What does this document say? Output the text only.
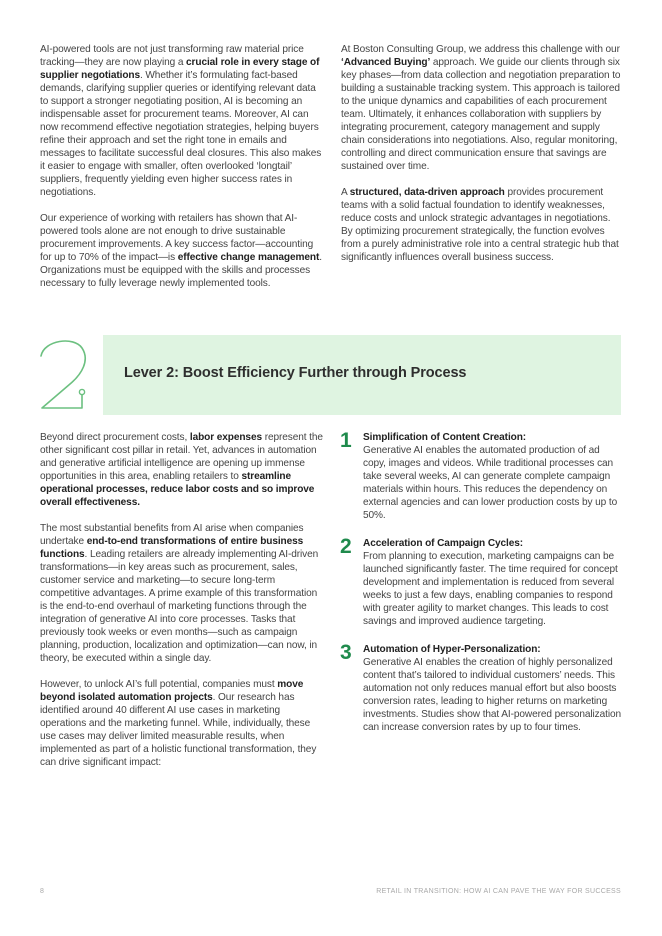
AI-powered tools are not just transforming raw material price tracking—they are now playing a crucial role in every stage of supplier negotiations. Whether it’s formulating fact-based demands, clarifying supplier queries or identifying relevant data to support a stronger negotiating position, AI is becoming an indispensable asset for procurement teams. Moreover, AI can now recommend effective negotiation strategies, helping buyers refine their approach and set the right tone in emails and messages to facilitate successful deal closures. This also makes it easier to engage with smaller, often overlooked ‘longtail’ suppliers, frequently yielding even higher success rates in negotiations.

Our experience of working with retailers has shown that AI-powered tools alone are not enough to drive sustainable procurement improvements. A key success factor—accounting for up to 70% of the impact—is effective change management. Organizations must be equipped with the skills and processes necessary to fully leverage newly implemented tools.

At Boston Consulting Group, we address this challenge with our ‘Advanced Buying’ approach. We guide our clients through six key phases—from data collection and negotiation preparation to building a sustainable tracking system. This approach is tailored to the unique dynamics and capabilities of each procurement team. Ultimately, it enhances collaboration with suppliers by integrating procurement, category management and supply chain considerations into negotiations. Also, regular monitoring, controlling and direct communication ensure that savings are sustained over time.

A structured, data-driven approach provides procurement teams with a solid factual foundation to identify weaknesses, reduce costs and unlock strategic advantages in negotiations. By optimizing procurement strategically, the function evolves from a purely administrative role into a central strategic hub that significantly influences overall business success.

Lever 2: Boost Efficiency Further through Process

Beyond direct procurement costs, labor expenses represent the other significant cost pillar in retail. Yet, advances in automation and generative artificial intelligence are opening up immense opportunities in this area, enabling retailers to streamline operational processes, reduce labor costs and so improve overall effectiveness.

The most substantial benefits from AI arise when companies undertake end-to-end transformations of entire business functions. Leading retailers are already implementing AI-driven transformations—in key areas such as procurement, sales, customer service and marketing—to secure long-term competitive advantages. A prime example of this transformation is the end-to-end overhaul of marketing functions through the integration of generative AI into core processes. Tasks that previously took weeks or even months—such as campaign planning, production, localization and optimization—can now, in theory, be executed within a single day.

However, to unlock AI’s full potential, companies must move beyond isolated automation projects. Our research has identified around 40 different AI use cases in marketing operations and the marketing funnel. While, individually, these use cases may deliver limited measurable results, when implemented as part of a holistic functional transformation, they can drive significant impact:

1 Simplification of Content Creation:
Generative AI enables the automated production of ad copy, images and videos. While traditional processes can take several weeks, AI can generate complete campaign materials within hours. This reduces the dependency on external agencies and can lower production costs by up to 50%.
2 Acceleration of Campaign Cycles:
From planning to execution, marketing campaigns can be launched significantly faster. The time required for concept development and implementation is reduced from several weeks to just a few days, enabling companies to respond with greater agility to market changes. This leads to cost savings and improved audience targeting.
3 Automation of Hyper-Personalization:
Generative AI enables the creation of highly personalized content that’s tailored to individual customers’ needs. This automation not only reduces manual effort but also boosts conversion rates, leading to higher returns on marketing investments. Studies show that AI-powered personalization can increase conversion rates by up to four times.
8	RETAIL IN TRANSITION: HOW AI CAN PAVE THE WAY FOR SUCCESS
